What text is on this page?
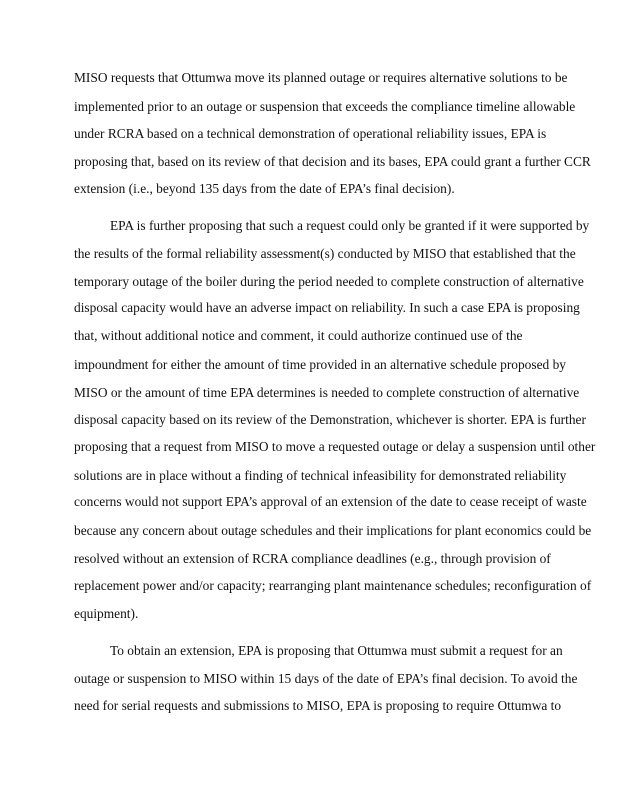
MISO requests that Ottumwa move its planned outage or requires alternative solutions to be

implemented prior to an outage or suspension that exceeds the compliance timeline allowable

under RCRA based on a technical demonstration of operational reliability issues, EPA is

proposing that, based on its review of that decision and its bases, EPA could grant a further CCR

extension (i.e., beyond 135 days from the date of EPA’s final decision).

EPA is further proposing that such a request could only be granted if it were supported by

the results of the formal reliability assessment(s) conducted by MISO that established that the

temporary outage of the boiler during the period needed to complete construction of alternative

disposal capacity would have an adverse impact on reliability. In such a case EPA is proposing

that, without additional notice and comment, it could authorize continued use of the

impoundment for either the amount of time provided in an alternative schedule proposed by

MISO or the amount of time EPA determines is needed to complete construction of alternative

disposal capacity based on its review of the Demonstration, whichever is shorter. EPA is further

proposing that a request from MISO to move a requested outage or delay a suspension until other

solutions are in place without a finding of technical infeasibility for demonstrated reliability

concerns would not support EPA’s approval of an extension of the date to cease receipt of waste

because any concern about outage schedules and their implications for plant economics could be

resolved without an extension of RCRA compliance deadlines (e.g., through provision of

replacement power and/or capacity; rearranging plant maintenance schedules; reconfiguration of

equipment).

To obtain an extension, EPA is proposing that Ottumwa must submit a request for an

outage or suspension to MISO within 15 days of the date of EPA’s final decision. To avoid the

need for serial requests and submissions to MISO, EPA is proposing to require Ottumwa to
